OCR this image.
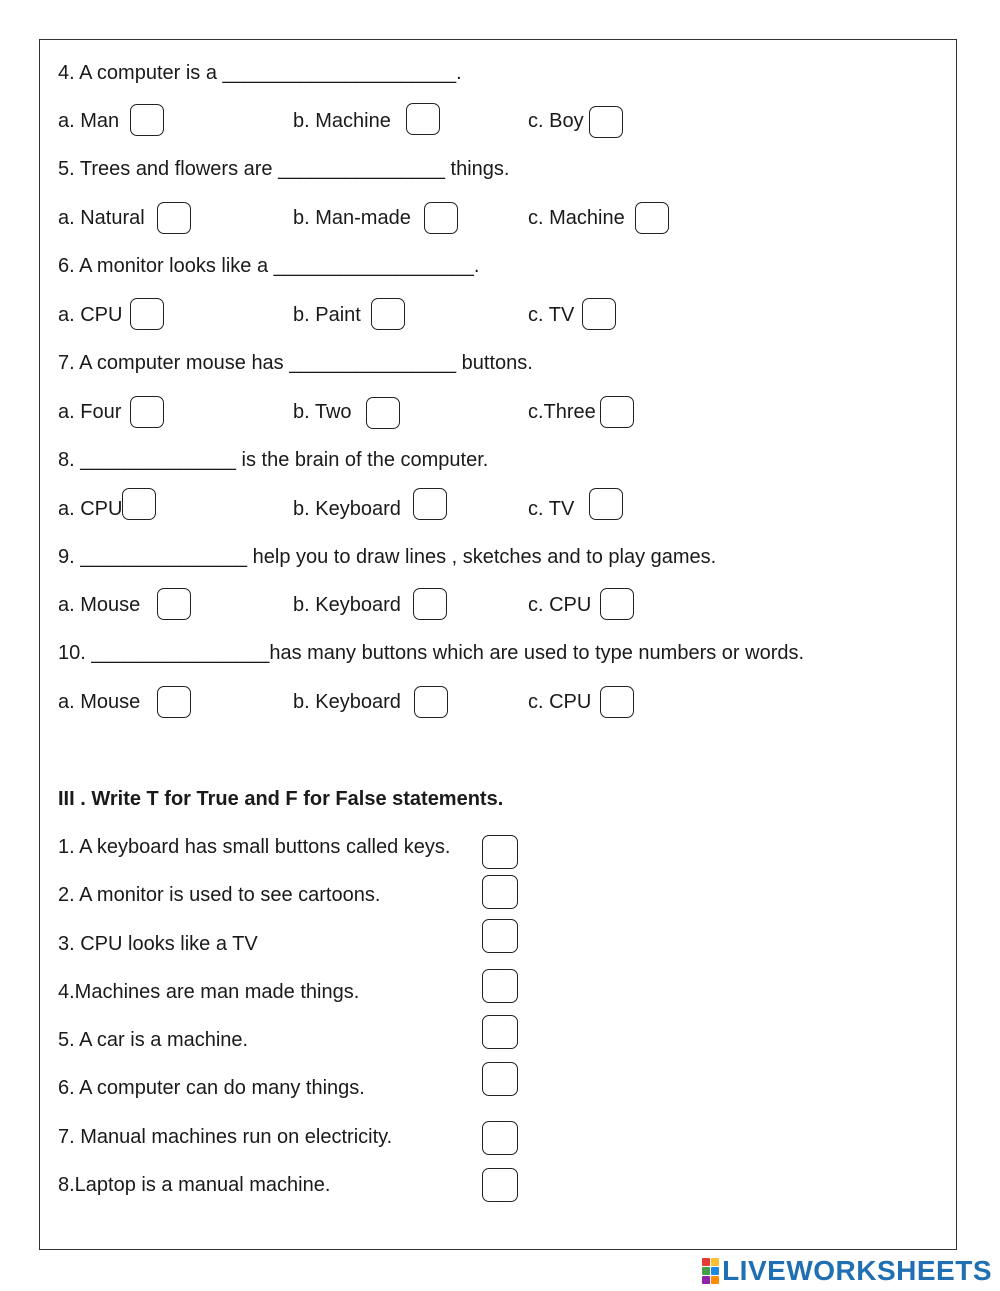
4. A computer is a _____________________.
a. Man	b. Machine	c. Boy
5. Trees and flowers are _______________ things.
a. Natural	b. Man-made	c. Machine
6. A monitor looks like a __________________.
a. CPU	b. Paint	c. TV
7. A computer mouse has _______________ buttons.
a. Four	b. Two	c.Three
8. ______________ is the brain of the computer.
a. CPU	b. Keyboard	c. TV
9. _______________ help you to draw lines , sketches and to play games.
a. Mouse	b. Keyboard	c. CPU
10. ________________has many buttons which are used to type numbers or words.
a. Mouse	b. Keyboard	c. CPU
III . Write T for True and F for False statements.
1. A keyboard has small buttons called keys.
2. A monitor is used to see cartoons.
3. CPU looks like a TV
4.Machines are man made things.
5. A car is a machine.
6. A computer can do many things.
7. Manual machines run on electricity.
8.Laptop is a manual machine.
LIVEWORKSHEETS
